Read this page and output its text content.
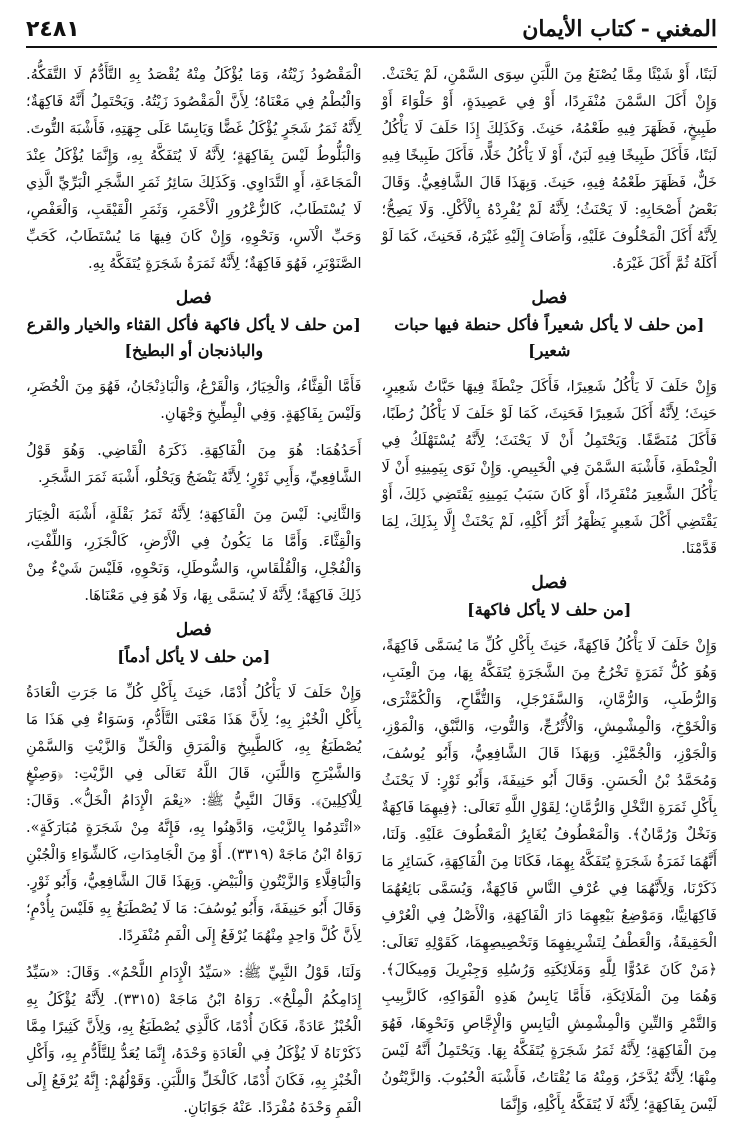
المغني-كتاب الأيمان
٢٤٨١

لَبَنًا، أَوْ شَيْئًا مِمَّا يُصْنَعُ مِنَ اللَّبَنِ سِوَى السَّمْنِ، لَمْ يَحْنَثْ. وَإِنْ أَكَلَ السَّمْنَ مُنْفَرِدًا، أَوْ فِي عَصِيدَةٍ، أَوْ حَلْوَاءَ أَوْ طَبِيخٍ، فَظَهَرَ فِيهِ طَعْمُهُ، حَنِثَ. وَكَذَلِكَ إِذَا حَلَفَ لَا يَأْكُلُ لَبَنًا، فَأَكَلَ طَبِيخًا فِيهِ لَبَنٌ، أَوْ لَا يَأْكُلُ خَلًّا، فَأَكَلَ طَبِيخًا فِيهِ خَلٌّ، فَظَهَرَ طَعْمُهُ فِيهِ، حَنِثَ. وَبِهَذَا قَالَ الشَّافِعِيُّ. وَقَالَ بَعْضُ أَصْحَابِهِ: لَا يَحْنَثُ؛ لِأَنَّهُ لَمْ يُفْرِدْهُ بِالْأَكْلِ. وَلَا يَصِحُّ؛ لِأَنَّهُ أَكَلَ الْمَحْلُوفَ عَلَيْهِ، وَأَضَافَ إِلَيْهِ غَيْرَهُ، فَحَنِثَ، كَمَا لَوْ أَكَلَهُ ثُمَّ أَكَلَ غَيْرَهُ.

فصل
[من حلف لا يأكل شعيراً فأكل حنطة فيها حبات شعير]

وَإِنْ حَلَفَ لَا يَأْكُلُ شَعِيرًا، فَأَكَلَ حِنْطَةً فِيهَا حَبَّاتُ شَعِيرٍ، حَنِثَ؛ لِأَنَّهُ أَكَلَ شَعِيرًا فَحَنِثَ، كَمَا لَوْ حَلَفَ لَا يَأْكُلُ رُطَبًا، فَأَكَلَ مُنَصَّفًا. وَيَحْتَمِلُ أَنْ لَا يَحْنَثَ؛ لِأَنَّهُ يُسْتَهْلَكُ فِي الْحِنْطَةِ، فَأَشْبَهَ السَّمْنَ فِي الْخَبِيصِ. وَإِنْ نَوَى بِيَمِينِهِ أَنْ لَا يَأْكُلَ الشَّعِيرَ مُنْفَرِدًا، أَوْ كَانَ سَبَبُ يَمِينِهِ يَقْتَضِي ذَلِكَ، أَوْ يَقْتَضِي أَكْلَ شَعِيرٍ يَظْهَرُ أَثَرُ أَكْلِهِ، لَمْ يَحْنَثْ إِلَّا بِذَلِكَ، لِمَا قَدَّمْنَا.

فصل
[من حلف لا يأكل فاكهة]

وَإِنْ حَلَفَ لَا يَأْكُلُ فَاكِهَةً، حَنِثَ بِأَكْلِ كُلِّ مَا يُسَمَّى فَاكِهَةً، وَهُوَ كُلُّ ثَمَرَةٍ تَخْرُجُ مِنَ الشَّجَرَةِ يُتَفَكَّهُ بِهَا، مِنَ الْعِنَبِ، وَالرُّطَبِ، وَالرُّمَّانِ، وَالسَّفَرْجَلِ، وَالتُّفَّاحِ، وَالْكُمَّثْرَى، وَالْخَوْخِ، وَالْمِشْمِشِ، وَالْأُتْرُجِّ، وَالتُّوتِ، وَالنَّبْقِ، وَالْمَوْزِ، وَالْجَوْزِ، وَالْجُمَّيْزِ. وَبِهَذَا قَالَ الشَّافِعِيُّ، وَأَبُو يُوسُفَ، وَمُحَمَّدُ بْنُ الْحَسَنِ. وَقَالَ أَبُو حَنِيفَةَ، وَأَبُو ثَوْرٍ: لَا يَحْنَثُ بِأَكْلِ ثَمَرَةِ النَّخْلِ وَالرُّمَّانِ؛ لِقَوْلِ اللَّهِ تَعَالَى: ﴿فِيهِمَا فَاكِهَةٌ وَنَخْلٌ وَرُمَّانٌ﴾. وَالْمَعْطُوفُ يُغَايِرُ الْمَعْطُوفَ عَلَيْهِ. وَلَنَا، أَنَّهُمَا ثَمَرَةُ شَجَرَةٍ يُتَفَكَّهُ بِهِمَا، فَكَانَا مِنَ الْفَاكِهَةِ، كَسَائِرِ مَا ذَكَرْنَا، وَلِأَنَّهُمَا فِي عُرْفِ النَّاسِ فَاكِهَةٌ، وَيُسَمَّى بَائِعُهُمَا فَاكِهَانِيًّا، وَمَوْضِعُ بَيْعِهِمَا دَارَ الْفَاكِهَةِ، وَالْأَصْلُ فِي الْعُرْفِ الْحَقِيقَةُ، وَالْعَطْفُ لِتَشْرِيفِهِمَا وَتَخْصِيصِهِمَا، كَقَوْلِهِ تَعَالَى: ﴿مَنْ كَانَ عَدُوًّا لِلَّهِ وَمَلَائِكَتِهِ وَرُسُلِهِ وَجِبْرِيلَ وَمِيكَالَ﴾. وَهُمَا مِنَ الْمَلَائِكَةِ، فَأَمَّا يَابِسُ هَذِهِ الْفَوَاكِهِ، كَالزَّبِيبِ وَالتَّمْرِ وَالتِّينِ وَالْمِشْمِشِ الْيَابِسِ وَالْإِجَّاصِ وَنَحْوِهَا، فَهُوَ مِنَ الْفَاكِهَةِ؛ لِأَنَّهُ ثَمَرُ شَجَرَةٍ يُتَفَكَّهُ بِهَا. وَيَحْتَمِلُ أَنَّهُ لَيْسَ مِنْهَا؛ لِأَنَّهُ يُدَّخَرُ، وَمِنْهُ مَا يُقْتَاتُ، فَأَشْبَهَ الْحُبُوبَ. وَالزَّيْتُونُ لَيْسَ بِفَاكِهَةٍ؛ لِأَنَّهُ لَا يُتَفَكَّهُ بِأَكْلِهِ، وَإِنَّمَا

الْمَقْصُودُ زَيْتُهُ، وَمَا يُؤْكَلُ مِنْهُ يُقْصَدُ بِهِ التَّأَدُّمُ لَا التَّفَكُّهُ. وَالْبُطْمُ فِي مَعْنَاهُ؛ لِأَنَّ الْمَقْصُودَ زَيْتُهُ. وَيَحْتَمِلُ أَنَّهُ فَاكِهَةٌ؛ لِأَنَّهُ ثَمَرُ شَجَرٍ يُؤْكَلُ غَضًّا وَيَابِسًا عَلَى جِهَتِهِ، فَأَشْبَهَ التُّوتَ. وَالْبَلُّوطُ لَيْسَ بِفَاكِهَةٍ؛ لِأَنَّهُ لَا يُتَفَكَّهُ بِهِ، وَإِنَّمَا يُؤْكَلُ عِنْدَ الْمَجَاعَةِ، أَوِ التَّدَاوِي. وَكَذَلِكَ سَائِرُ ثَمَرِ الشَّجَرِ الْبَرِّيِّ الَّذِي لَا يُسْتَطَابُ، كَالزُّعْرُورِ الْأَحْمَرِ، وَثَمَرِ الْقَيْقَبِ، وَالْعَفْصِ، وَحَبِّ الْآسِ، وَنَحْوِهِ، وَإِنْ كَانَ فِيهَا مَا يُسْتَطَابُ، كَحَبِّ الصَّنَوْبَرِ، فَهُوَ فَاكِهَةٌ؛ لِأَنَّهُ ثَمَرَةُ شَجَرَةٍ يُتَفَكَّهُ بِهِ.

فصل
[من حلف لا يأكل فاكهة فأكل القثاء والخيار والقرع والباذنجان أو البطيخ]

فَأَمَّا الْقِثَّاءُ، وَالْخِيَارُ، وَالْقَرْعُ، وَالْبَاذِنْجَانُ، فَهُوَ مِنَ الْخُضَرِ، وَلَيْسَ بِفَاكِهَةٍ. وَفِي الْبِطِّيخِ وَجْهَانِ.

أَحَدُهُمَا: هُوَ مِنَ الْفَاكِهَةِ. ذَكَرَهُ الْقَاضِي. وَهُوَ قَوْلُ الشَّافِعِيِّ، وَأَبِي ثَوْرٍ؛ لِأَنَّهُ يَنْضَجُ وَيَحْلُو، أَشْبَهَ ثَمَرَ الشَّجَرِ.

وَالثَّانِي: لَيْسَ مِنَ الْفَاكِهَةِ؛ لِأَنَّهُ ثَمَرُ بَقْلَةٍ، أَشْبَهَ الْخِيَارَ وَالْقِثَّاءَ. وَأَمَّا مَا يَكُونُ فِي الْأَرْضِ، كَالْجَزَرِ، وَاللِّفْتِ، وَالْفُجْلِ، وَالْقُلْقَاسِ، وَالسُّوطَلِ، وَنَحْوِهِ، فَلَيْسَ شَيْءٌ مِنْ ذَلِكَ فَاكِهَةً؛ لِأَنَّهُ لَا يُسَمَّى بِهَا، وَلَا هُوَ فِي مَعْنَاهَا.

فصل
[من حلف لا يأكل أدماً]

وَإِنْ حَلَفَ لَا يَأْكُلُ أُدْمًا، حَنِثَ بِأَكْلِ كُلِّ مَا جَرَتِ الْعَادَةُ بِأَكْلِ الْخُبْزِ بِهِ؛ لِأَنَّ هَذَا مَعْنَى التَّأَدُّمِ، وَسَوَاءٌ فِي هَذَا مَا يُصْطَبَغُ بِهِ، كَالطَّبِيخِ وَالْمَرَقِ وَالْخَلِّ وَالزَّيْتِ وَالسَّمْنِ وَالشَّيْرَجِ وَاللَّبَنِ، قَالَ اللَّهُ تَعَالَى فِي الزَّيْتِ: ﴿وَصِبْغٍ لِلْآكِلِينَ﴾. وَقَالَ النَّبِيُّ ﷺ: «نِعْمَ الْإِدَامُ الْخَلُّ». وَقَالَ: «ائْتَدِمُوا بِالزَّيْتِ، وَادَّهِنُوا بِهِ، فَإِنَّهُ مِنْ شَجَرَةٍ مُبَارَكَةٍ». رَوَاهُ ابْنُ مَاجَهْ (٣٣١٩). أَوْ مِنَ الْجَامِدَاتِ، كَالشِّوَاءِ وَالْجُبْنِ وَالْبَاقِلَّاءِ وَالزَّيْتُونِ وَالْبَيْضِ. وَبِهَذَا قَالَ الشَّافِعِيُّ، وَأَبُو ثَوْرٍ. وَقَالَ أَبُو حَنِيفَةَ، وَأَبُو يُوسُفَ: مَا لَا يُصْطَبَغُ بِهِ فَلَيْسَ بِأُدْمٍ؛ لِأَنَّ كُلَّ وَاحِدٍ مِنْهُمَا يُرْفَعُ إِلَى الْفَمِ مُنْفَرِدًا.

وَلَنَا، قَوْلُ النَّبِيِّ ﷺ: «سَيِّدُ الْإِدَامِ اللَّحْمُ». وَقَالَ: «سَيِّدُ إِدَامِكُمُ الْمِلْحُ». رَوَاهُ ابْنُ مَاجَهْ (٣٣١٥). لِأَنَّهُ يُؤْكَلُ بِهِ الْخُبْزُ عَادَةً، فَكَانَ أُدْمًا، كَالَّذِي يُصْطَبَغُ بِهِ، وَلِأَنَّ كَثِيرًا مِمَّا ذَكَرْنَاهُ لَا يُؤْكَلُ فِي الْعَادَةِ وَحْدَهُ، إِنَّمَا يُعَدُّ لِلتَّأَدُّمِ بِهِ، وَأَكْلِ الْخُبْزِ بِهِ، فَكَانَ أُدْمًا، كَالْخَلِّ وَاللَّبَنِ. وَقَوْلُهُمْ: إِنَّهُ يُرْفَعُ إِلَى الْفَمِ وَحْدَهُ مُفْرَدًا. عَنْهُ جَوَابَانِ.
